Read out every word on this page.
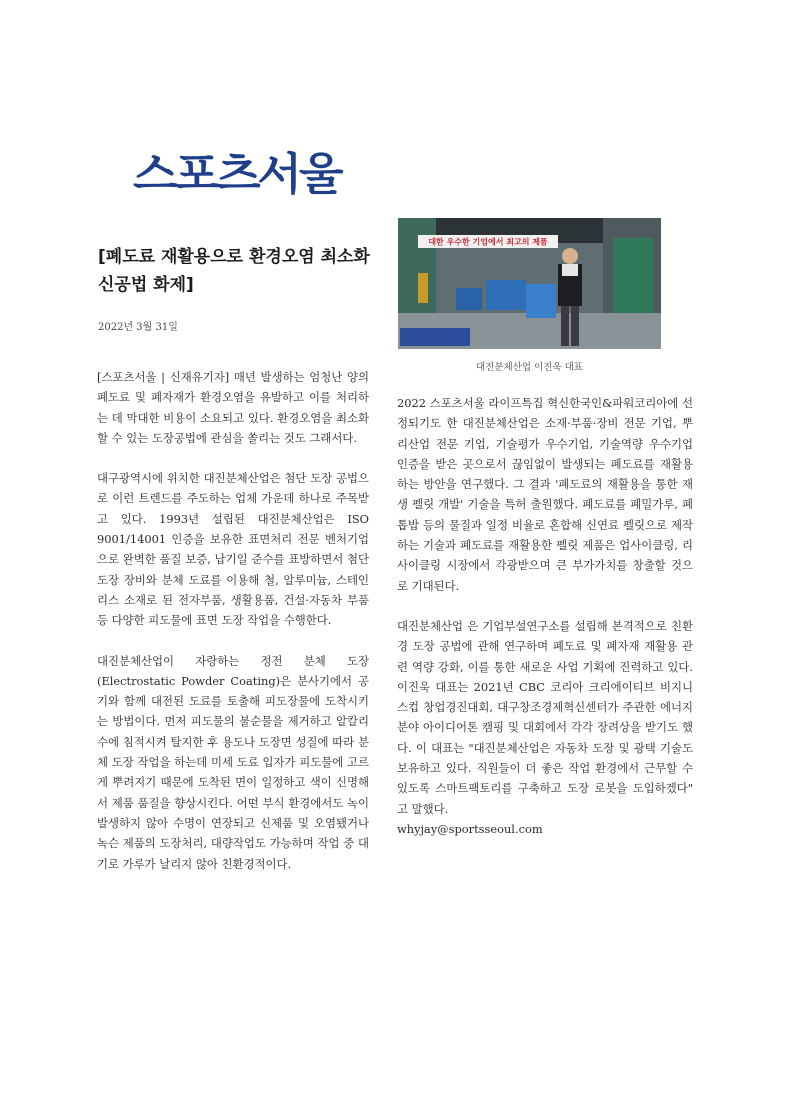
스포츠서울
[폐도료 재활용으로 환경오염 최소화 신공법 화제]
2022년 3월 31일

[스포츠서울 | 신재유기자] 매년 발생하는 엄청난 양의 폐도료 및 폐자재가 환경오염을 유발하고 이를 처리하는 데 막대한 비용이 소요되고 있다. 환경오염을 최소화할 수 있는 도장공법에 관심을 쏠리는 것도 그래서다.

대구광역시에 위치한 대진분체산업은 첨단 도장 공법으로 이런 트렌드를 주도하는 업체 가운데 하나로 주목받고 있다. 1993년 설립된 대진분체산업은 ISO 9001/14001 인증을 보유한 표면처리 전문 벤처기업으로 완벽한 품질 보증, 납기일 준수를 표방하면서 첨단 도장 장비와 분체 도료를 이용해 철, 알루미늄, 스테인리스 소재로 된 전자부품, 생활용품, 건설·자동차 부품 등 다양한 피도물에 표면 도장 작업을 수행한다.

대진분체산업이 자랑하는 정전 분체 도장(Electrostatic Powder Coating)은 분사기에서 공기와 함께 대전된 도료를 토출해 피도장물에 도착시키는 방법이다. 먼저 피도물의 불순물을 제거하고 알칼리수에 침적시켜 탈지한 후 용도나 도장면 성질에 따라 분체 도장 작업을 하는데 미세 도료 입자가 피도물에 고르게 뿌려지기 때문에 도착된 면이 일정하고 색이 신명해서 제품 품질을 향상시킨다. 어떤 부식 환경에서도 녹이 발생하지 않아 수명이 연장되고 신제품 및 오염됐거나 녹슨 제품의 도장처리, 대량작업도 가능하며 작업 중 대기로 가루가 날리지 않아 친환경적이다.

대한 우수한 기업에서 최고의 제품
대진분체산업 이진욱 대표

2022 스포츠서울 라이프특집 혁신한국인&파워코리아에 선정되기도 한 대진분체산업은 소재·부품·장비 전문 기업, 뿌리산업 전문 기업, 기술평가 우수기업, 기술역량 우수기업 인증을 받은 곳으로서 끊임없이 발생되는 폐도료를 재활용하는 방안을 연구했다. 그 결과 '폐도료의 재활용을 통한 재생 펠릿 개발' 기술을 특허 출원했다. 폐도료를 폐밀가루, 폐톱밥 등의 물질과 일정 비율로 혼합해 신연료 펠릿으로 제작하는 기술과 폐도료를 재활용한 펠릿 제품은 업사이클링, 리사이클링 시장에서 각광받으며 큰 부가가치를 창출할 것으로 기대된다.

대진분체산업 은 기업부설연구소를 설립해 본격적으로 친환경 도장 공법에 관해 연구하며 폐도료 및 폐자재 재활용 관련 역량 강화, 이를 통한 새로운 사업 기획에 진력하고 있다. 이진욱 대표는 2021년 CBC 코리아 크리에이티브 비지니스컵 창업경진대회, 대구창조경제혁신센터가 주관한 에너지 분야 아이디어톤 캠핑 및 대회에서 각각 장려상을 받기도 했다. 이 대표는 "대진분체산업은 자동차 도장 및 광택 기술도 보유하고 있다. 직원들이 더 좋은 작업 환경에서 근무할 수 있도록 스마트팩토리를 구축하고 도장 로봇을 도입하겠다" 고 말했다.

whyjay@sportsseoul.com
